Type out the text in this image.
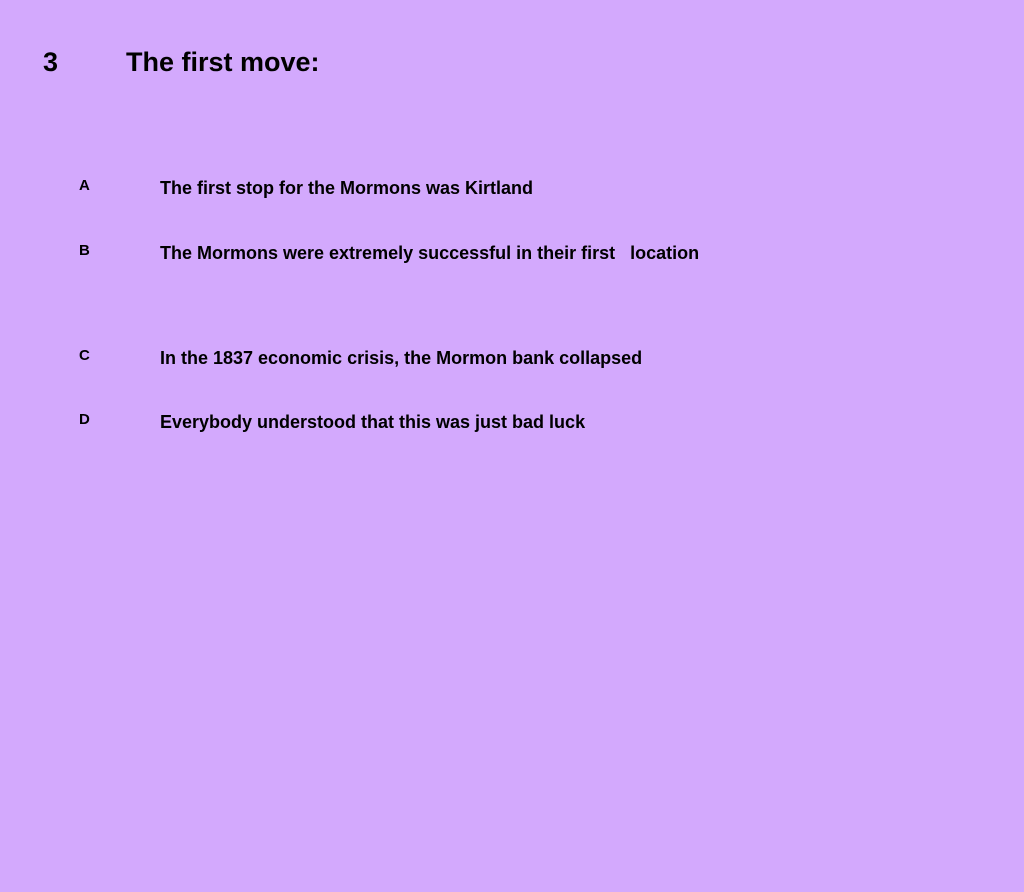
3	The first move:
A	The first stop for the Mormons was Kirtland
B	The Mormons were extremely successful in their first   location
C	In the 1837 economic crisis, the Mormon bank collapsed
D	Everybody understood that this was just bad luck
